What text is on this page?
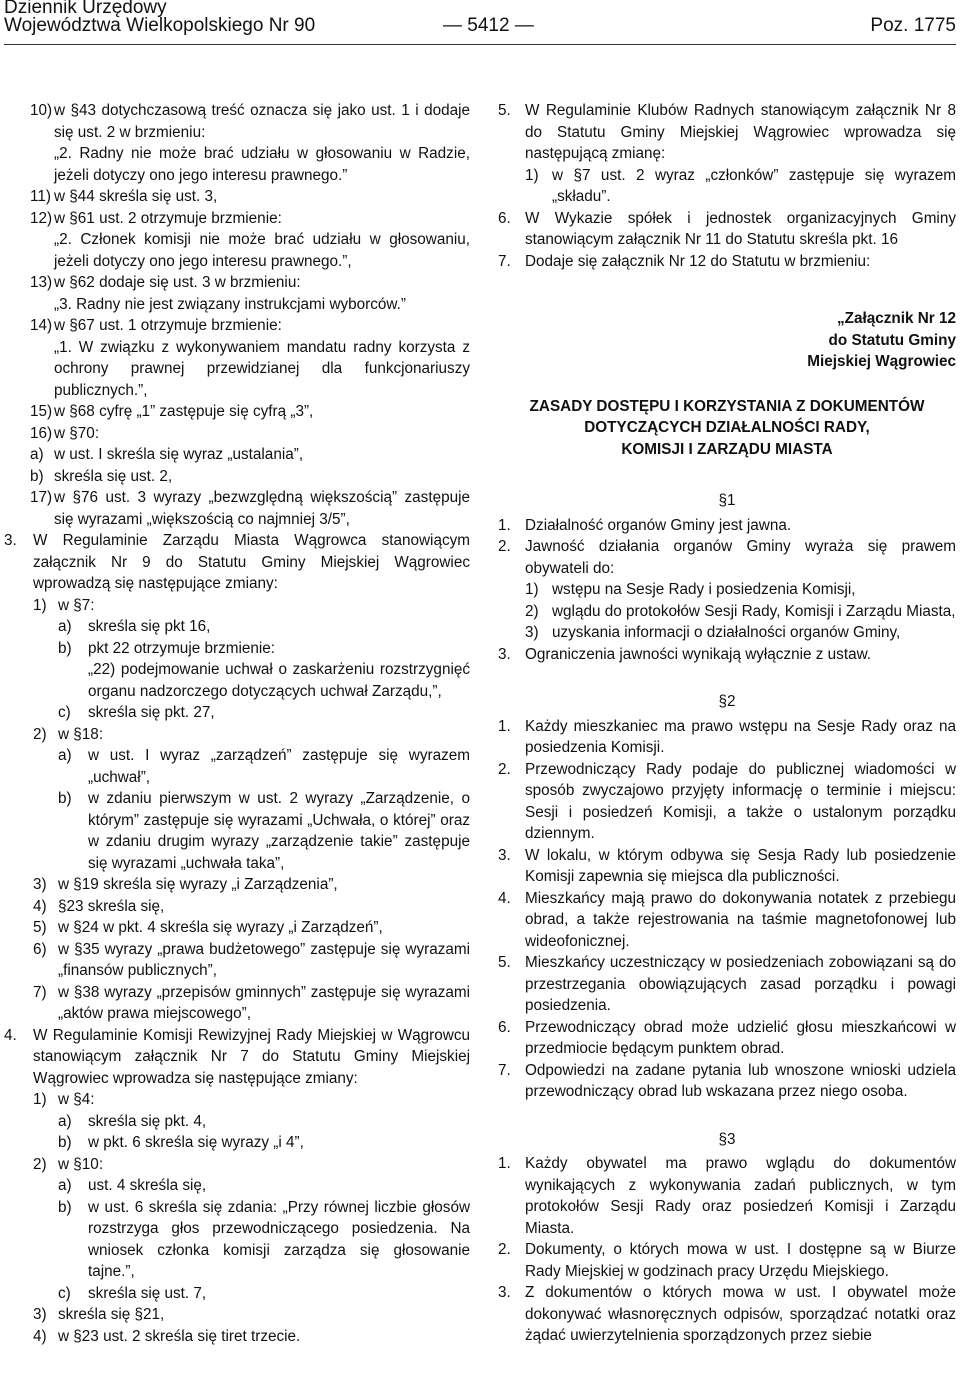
Dziennik Urzędowy
Województwa Wielkopolskiego Nr 90	— 5412 —	Poz. 1775
10) w §43 dotychczasową treść oznacza się jako ust. 1 i dodaje się ust. 2 w brzmieniu:
„2. Radny nie może brać udziału w głosowaniu w Radzie, jeżeli dotyczy ono jego interesu prawnego.”
11) w §44 skreśla się ust. 3,
12) w §61 ust. 2 otrzymuje brzmienie:
„2. Członek komisji nie może brać udziału w głosowaniu, jeżeli dotyczy ono jego interesu prawnego.”,
13) w §62 dodaje się ust. 3 w brzmieniu:
„3. Radny nie jest związany instrukcjami wyborców.”
14) w §67 ust. 1 otrzymuje brzmienie:
„1. W związku z wykonywaniem mandatu radny korzysta z ochrony prawnej przewidzianej dla funkcjonariuszy publicznych.”,
15) w §68 cyfrę „1” zastępuje się cyfrą „3”,
16) w §70:
a) w ust. I skreśla się wyraz „ustalania”,
b) skreśla się ust. 2,
17) w §76 ust. 3 wyrazy „bezwzględną większością” zastępuje się wyrazami „większością co najmniej 3/5”,
3. W Regulaminie Zarządu Miasta Wągrowca stanowiącym załącznik Nr 9 do Statutu Gminy Miejskiej Wągrowiec wprowadzą się następujące zmiany:
1) w §7:
a) skreśla się pkt 16,
b) pkt 22 otrzymuje brzmienie:
„22) podejmowanie uchwał o zaskarżeniu rozstrzygnięć organu nadzorczego dotyczących uchwał Zarządu,”,
c) skreśla się pkt. 27,
2) w §18:
a) w ust. I wyraz „zarządzeń” zastępuje się wyrazem „uchwał”,
b) w zdaniu pierwszym w ust. 2 wyrazy „Zarządzenie, o którym” zastępuje się wyrazami „Uchwała, o której” oraz w zdaniu drugim wyrazy „zarządzenie takie” zastępuje się wyrazami „uchwała taka”,
3) w §19 skreśla się wyrazy „i Zarządzenia”,
4) §23 skreśla się,
5) w §24 w pkt. 4 skreśla się wyrazy „i Zarządzeń”,
6) w §35 wyrazy „prawa budżetowego” zastępuje się wyrazami „finansów publicznych”,
7) w §38 wyrazy „przepisów gminnych” zastępuje się wyrazami „aktów prawa miejscowego”,
4. W Regulaminie Komisji Rewizyjnej Rady Miejskiej w Wągrowcu stanowiącym załącznik Nr 7 do Statutu Gminy Miejskiej Wągrowiec wprowadza się następujące zmiany:
1) w §4:
a) skreśla się pkt. 4,
b) w pkt. 6 skreśla się wyrazy „i 4”,
2) w §10:
a) ust. 4 skreśla się,
b) w ust. 6 skreśla się zdania: „Przy równej liczbie głosów rozstrzyga głos przewodniczącego posiedzenia. Na wniosek członka komisji zarządza się głosowanie tajne.”,
c) skreśla się ust. 7,
3) skreśla się §21,
4) w §23 ust. 2 skreśla się tiret trzecie.
5. W Regulaminie Klubów Radnych stanowiącym załącznik Nr 8 do Statutu Gminy Miejskiej Wągrowiec wprowadza się następującą zmianę:
1) w §7 ust. 2 wyraz „członków” zastępuje się wyrazem „składu”.
6. W Wykazie spółek i jednostek organizacyjnych Gminy stanowiącym załącznik Nr 11 do Statutu skreśla pkt. 16
7. Dodaje się załącznik Nr 12 do Statutu w brzmieniu:
„Załącznik Nr 12
do Statutu Gminy
Miejskiej Wągrowiec
ZASADY DOSTĘPU I KORZYSTANIA Z DOKUMENTÓW
DOTYCZĄCYCH DZIAŁALNOŚCI RADY,
KOMISJI I ZARZĄDU MIASTA
§1
1. Działalność organów Gminy jest jawna.
2. Jawność działania organów Gminy wyraża się prawem obywateli do:
1) wstępu na Sesje Rady i posiedzenia Komisji,
2) wglądu do protokołów Sesji Rady, Komisji i Zarządu Miasta,
3) uzyskania informacji o działalności organów Gminy,
3. Ograniczenia jawności wynikają wyłącznie z ustaw.
§2
1. Każdy mieszkaniec ma prawo wstępu na Sesje Rady oraz na posiedzenia Komisji.
2. Przewodniczący Rady podaje do publicznej wiadomości w sposób zwyczajowo przyjęty informację o terminie i miejscu: Sesji i posiedzeń Komisji, a także o ustalonym porządku dziennym.
3. W lokalu, w którym odbywa się Sesja Rady lub posiedzenie Komisji zapewnia się miejsca dla publiczności.
4. Mieszkańcy mają prawo do dokonywania notatek z przebiegu obrad, a także rejestrowania na taśmie magnetofonowej lub wideofonicznej.
5. Mieszkańcy uczestniczący w posiedzeniach zobowiązani są do przestrzegania obowiązujących zasad porządku i powagi posiedzenia.
6. Przewodniczący obrad może udzielić głosu mieszkańcowi w przedmiocie będącym punktem obrad.
7. Odpowiedzi na zadane pytania lub wnoszone wnioski udziela przewodniczący obrad lub wskazana przez niego osoba.
§3
1. Każdy obywatel ma prawo wglądu do dokumentów wynikających z wykonywania zadań publicznych, w tym protokołów Sesji Rady oraz posiedzeń Komisji i Zarządu Miasta.
2. Dokumenty, o których mowa w ust. I dostępne są w Biurze Rady Miejskiej w godzinach pracy Urzędu Miejskiego.
3. Z dokumentów o których mowa w ust. I obywatel może dokonywać własnoręcznych odpisów, sporządzać notatki oraz żądać uwierzytelnienia sporządzonych przez siebie
